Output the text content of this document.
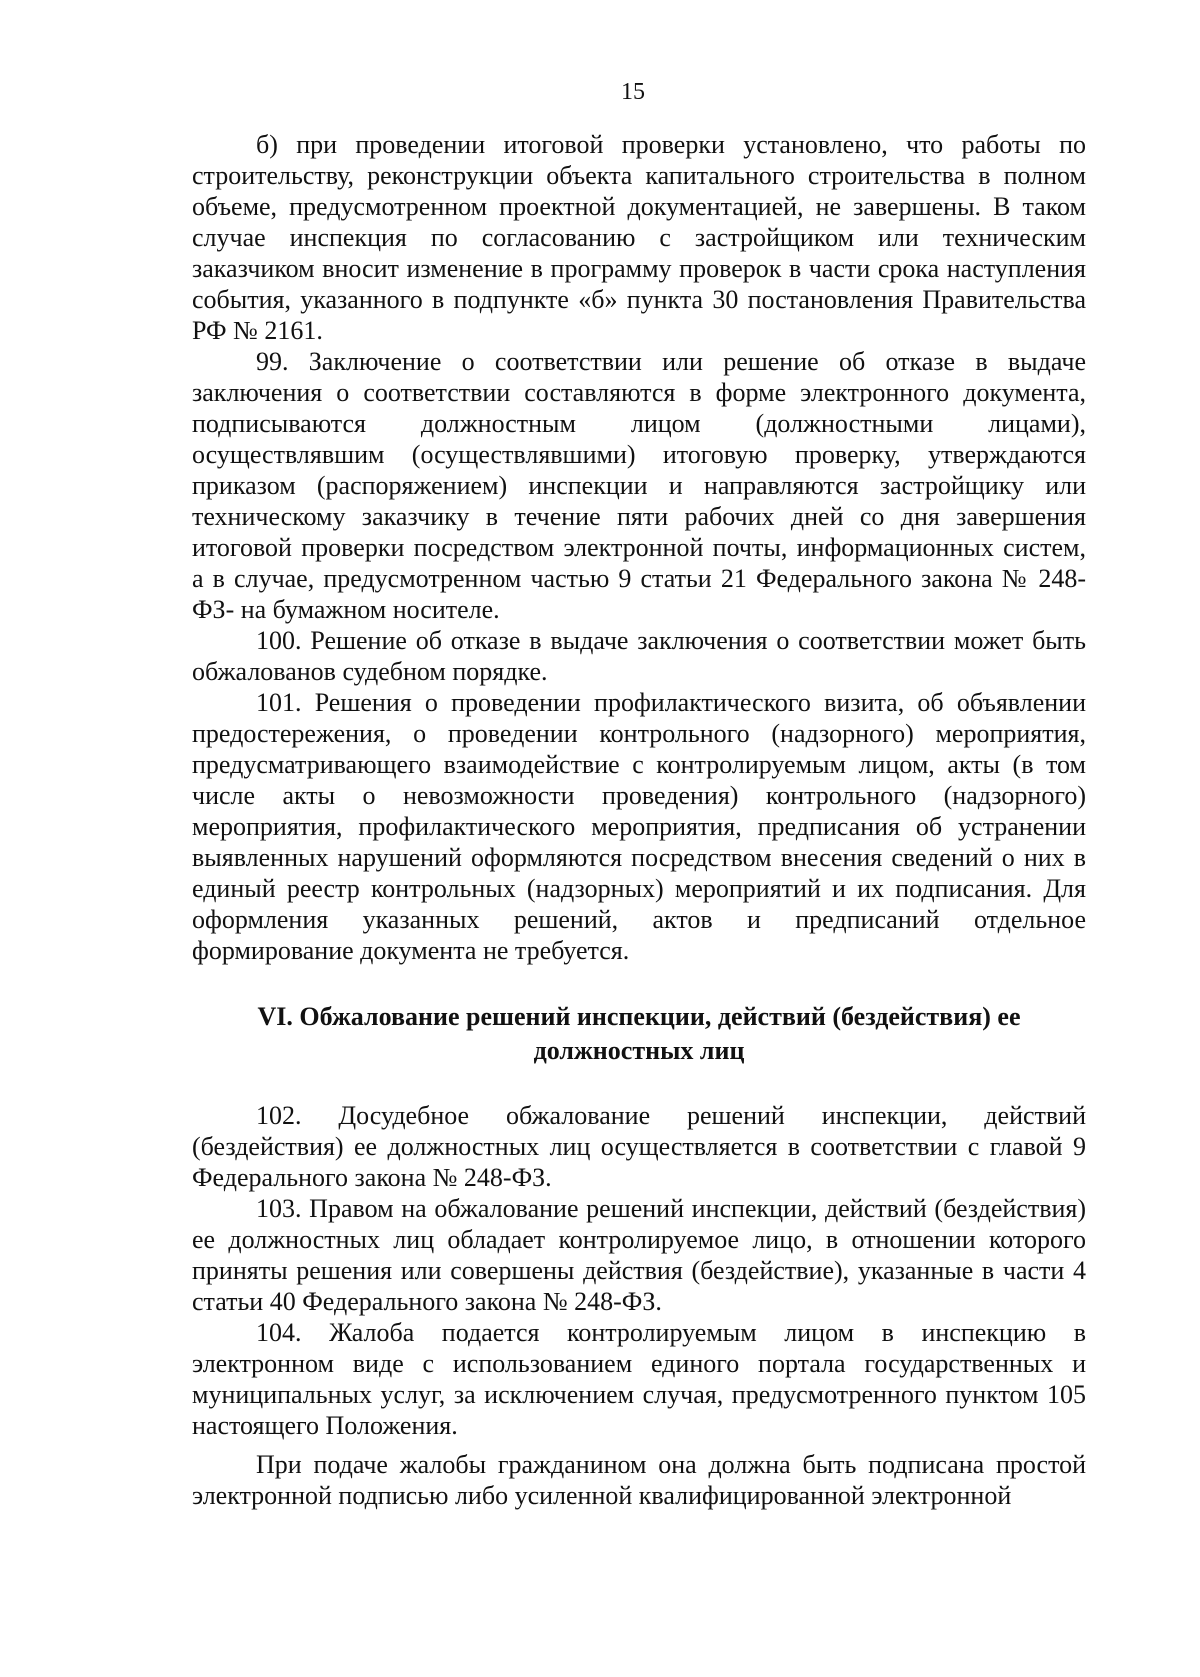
15

б) при проведении итоговой проверки установлено, что работы по строительству, реконструкции объекта капитального строительства в полном объеме, предусмотренном проектной документацией, не завершены. В таком случае инспекция по согласованию с застройщиком или техническим заказчиком вносит изменение в программу проверок в части срока наступления события, указанного в подпункте «б» пункта 30 постановления Правительства РФ № 2161.

99. Заключение о соответствии или решение об отказе в выдаче заключения о соответствии составляются в форме электронного документа, подписываются должностным лицом (должностными лицами), осуществлявшим (осуществлявшими) итоговую проверку, утверждаются приказом (распоряжением) инспекции и направляются застройщику или техническому заказчику в течение пяти рабочих дней со дня завершения итоговой проверки посредством электронной почты, информационных систем, а в случае, предусмотренном частью 9 статьи 21 Федерального закона № 248-ФЗ- на бумажном носителе.

100. Решение об отказе в выдаче заключения о соответствии может быть обжалованов судебном порядке.

101. Решения о проведении профилактического визита, об объявлении предостережения, о проведении контрольного (надзорного) мероприятия, предусматривающего взаимодействие с контролируемым лицом, акты (в том числе акты о невозможности проведения) контрольного (надзорного) мероприятия, профилактического мероприятия, предписания об устранении выявленных нарушений оформляются посредством внесения сведений о них в единый реестр контрольных (надзорных) мероприятий и их подписания. Для оформления указанных решений, актов и предписаний отдельное формирование документа не требуется.

VI. Обжалование решений инспекции, действий (бездействия) ее должностных лиц

102. Досудебное обжалование решений инспекции, действий (бездействия) ее должностных лиц осуществляется в соответствии с главой 9 Федерального закона № 248-ФЗ.

103. Правом на обжалование решений инспекции, действий (бездействия) ее должностных лиц обладает контролируемое лицо, в отношении которого приняты решения или совершены действия (бездействие), указанные в части 4 статьи 40 Федерального закона № 248-ФЗ.

104. Жалоба подается контролируемым лицом в инспекцию в электронном виде с использованием единого портала государственных и муниципальных услуг, за исключением случая, предусмотренного пунктом 105 настоящего Положения.

При подаче жалобы гражданином она должна быть подписана простой электронной подписью либо усиленной квалифицированной электронной
